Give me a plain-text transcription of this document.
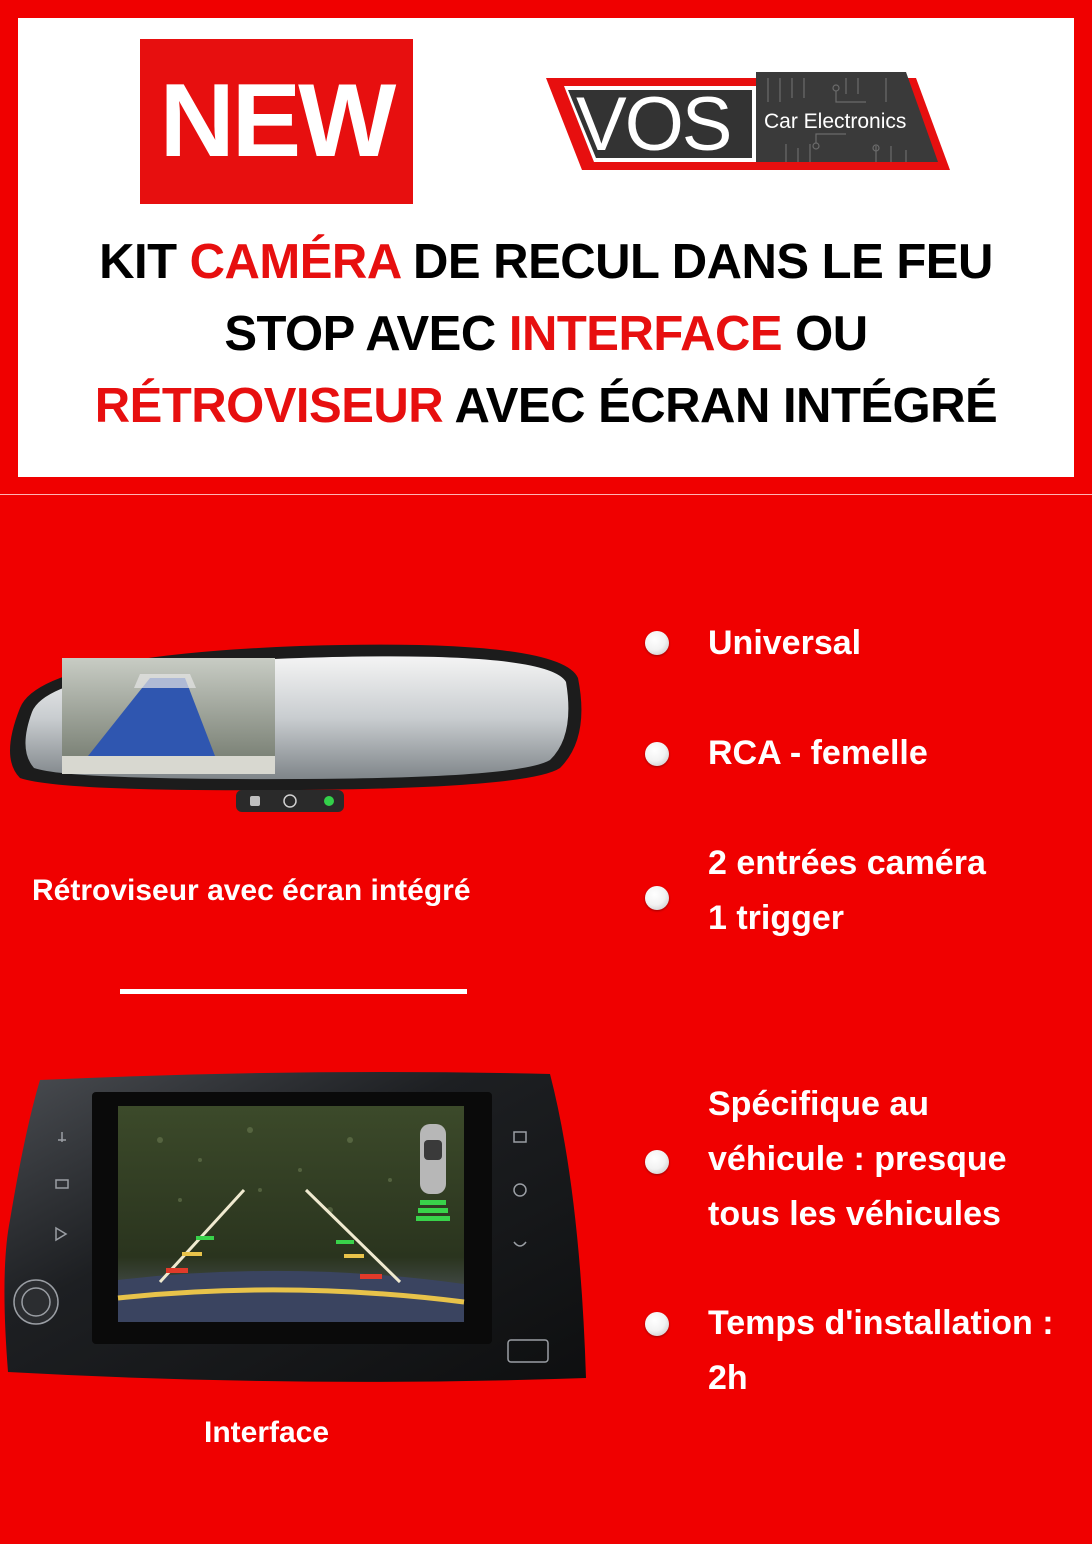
NEW VOS Car Electronics
KIT CAMÉRA DE RECUL DANS LE FEU
STOP AVEC INTERFACE OU
RÉTROVISEUR AVEC ÉCRAN INTÉGRÉ
Rétroviseur avec écran intégré
Interface
Universal
RCA - femelle
2 entrées caméra
1 trigger
Spécifique au
véhicule : presque
tous les véhicules
Temps d'installation :
2h
